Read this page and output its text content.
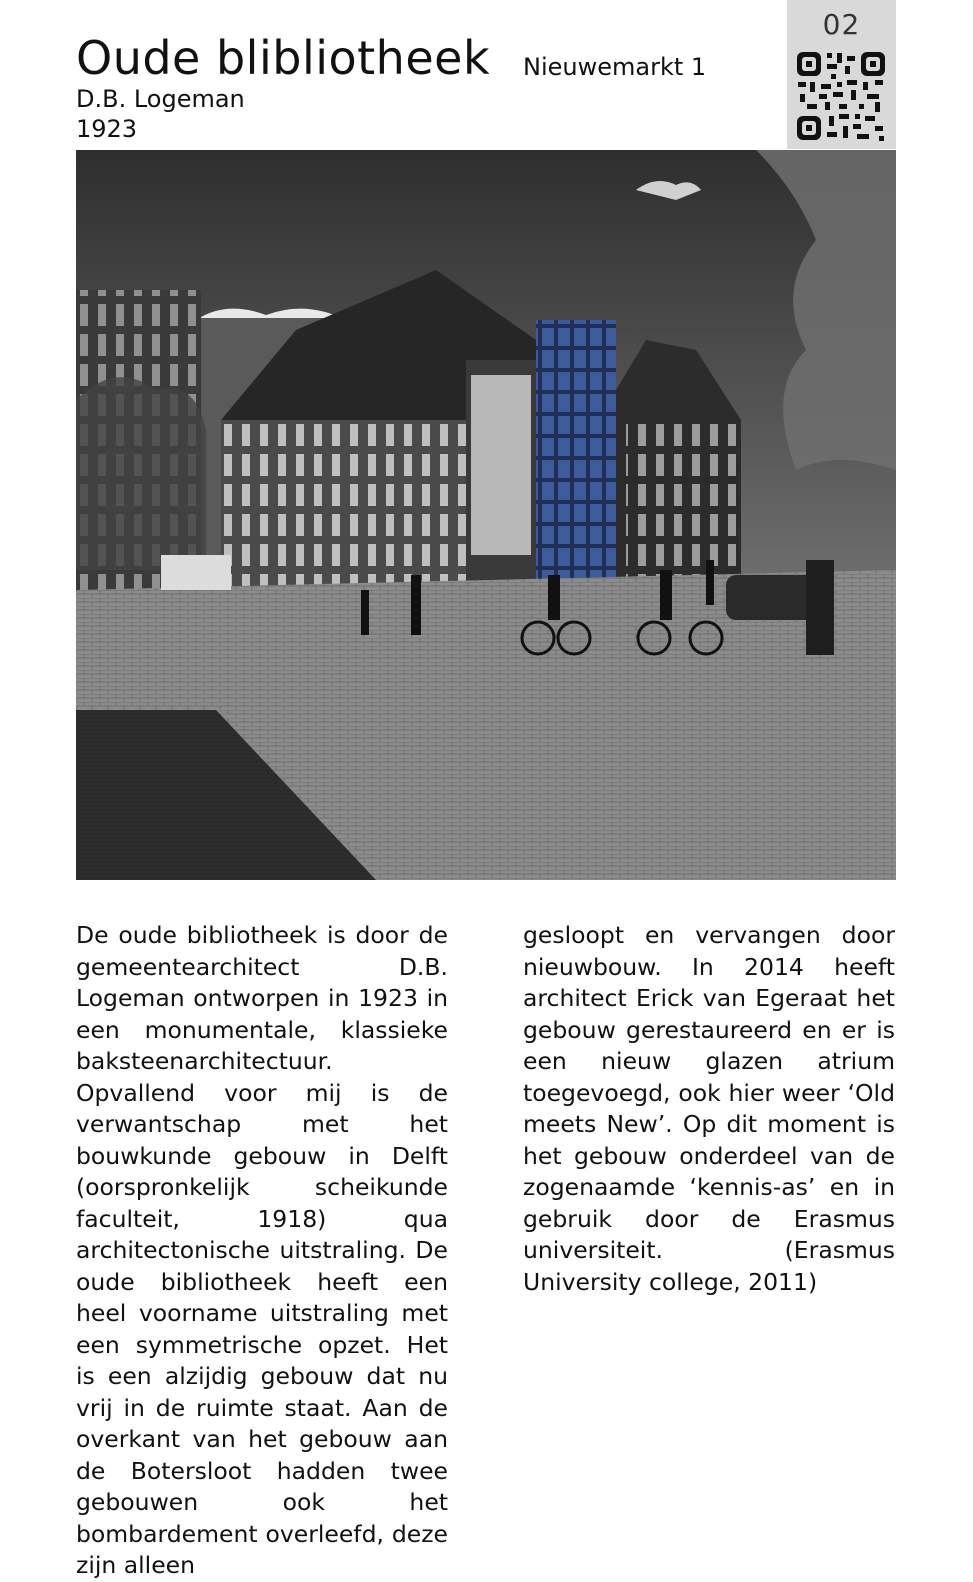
Oude blibliotheek
D.B. Logeman
1923
Nieuwemarkt 1
02

De oude bibliotheek is door de gemeentearchitect D.B. Logeman ontworpen in 1923 in een monumentale, klassieke baksteenarchitectuur. Opvallend voor mij is de verwantschap met het bouwkunde gebouw in Delft (oorspronkelijk scheikunde faculteit, 1918) qua architectonische uitstraling. De oude bibliotheek heeft een heel voorname uitstraling met een symmetrische opzet. Het is een alzijdig gebouw dat nu vrij in de ruimte staat. Aan de overkant van het gebouw aan de Botersloot hadden twee gebouwen ook het bombardement overleefd, deze zijn alleen

gesloopt en vervangen door nieuwbouw. In 2014 heeft architect Erick van Egeraat het gebouw gerestaureerd en er is een nieuw glazen atrium toegevoegd, ook hier weer ‘Old meets New’. Op dit moment is het gebouw onderdeel van de zogenaamde ‘kennis-as’ en in gebruik door de Erasmus universiteit. (Erasmus University college, 2011)
